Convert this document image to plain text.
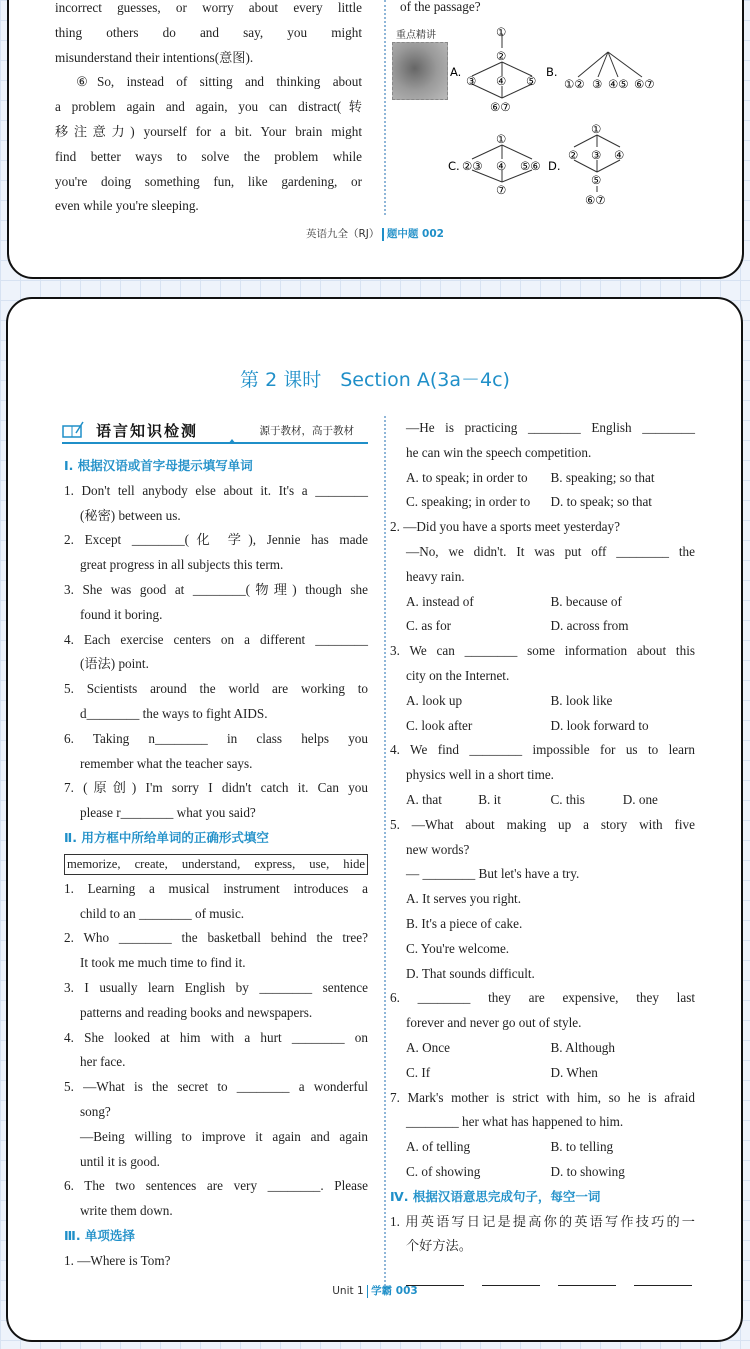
incorrect guesses, or worry about every little
thing others do and say, you might
misunderstand their intentions(意图).
⑥So, instead of sitting and thinking about
a problem again and again, you can distract(转
移注意力) yourself for a bit. Your brain might
find better ways to solve the problem while
you're doing something fun, like gardening, or
even while you're sleeping.
of the passage?
重点精讲
A.
①
②
③ ④ ⑤
⑥⑦
B.
①② ③ ④⑤ ⑥⑦
C.
①
②③ ④ ⑤⑥
⑦
D.
①
② ③ ④
⑤
⑥⑦
英语九全（RJ） 题中题 002
第 2 课时　Section A(3a－4c)
语言知识检测	源于教材，高于教材
Ⅰ. 根据汉语或首字母提示填写单词
1. Don't tell anybody else about it. It's a ________
(秘密) between us.
2. Except ________(化 学), Jennie has made
great progress in all subjects this term.
3. She was good at ________(物理) though she
found it boring.
4. Each exercise centers on a different ________
(语法) point.
5. Scientists around the world are working to
d________ the ways to fight AIDS.
6. Taking n________ in class helps you
remember what the teacher says.
7. (原创) I'm sorry I didn't catch it. Can you
please r________ what you said?
Ⅱ. 用方框中所给单词的正确形式填空
memorize, create, understand, express, use, hide
1. Learning a musical instrument introduces a
child to an ________ of music.
2. Who ________ the basketball behind the tree?
It took me much time to find it.
3. I usually learn English by ________ sentence
patterns and reading books and newspapers.
4. She looked at him with a hurt ________ on
her face.
5. —What is the secret to ________ a wonderful
song?
—Being willing to improve it again and again
until it is good.
6. The two sentences are very ________. Please
write them down.
Ⅲ. 单项选择
1. —Where is Tom?
—He is practicing ________ English ________
he can win the speech competition.
A. to speak; in order to	B. speaking; so that
C. speaking; in order to	D. to speak; so that
2. —Did you have a sports meet yesterday?
—No, we didn't. It was put off ________ the
heavy rain.
A. instead of	B. because of
C. as for	D. across from
3. We can ________ some information about this
city on the Internet.
A. look up	B. look like
C. look after	D. look forward to
4. We find ________ impossible for us to learn
physics well in a short time.
A. that	B. it	C. this	D. one
5. —What about making up a story with five
new words?
— ________ But let's have a try.
A. It serves you right.
B. It's a piece of cake.
C. You're welcome.
D. That sounds difficult.
6. ________ they are expensive, they last
forever and never go out of style.
A. Once	B. Although
C. If	D. When
7. Mark's mother is strict with him, so he is afraid
________ her what has happened to him.
A. of telling	B. to telling
C. of showing	D. to showing
Ⅳ. 根据汉语意思完成句子，每空一词
1. 用英语写日记是提高你的英语写作技巧的一
个好方法。
Unit 1 学霸 003
